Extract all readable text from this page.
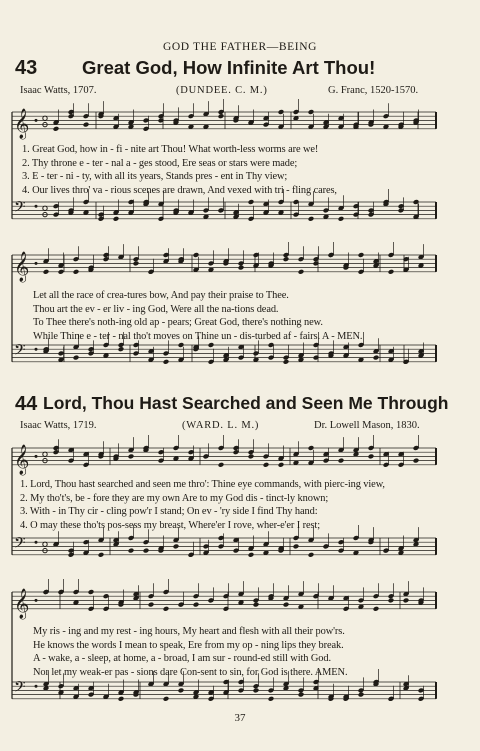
GOD THE FATHER—BEING
43 Great God, How Infinite Art Thou!
Isaac Watts, 1707.	(DUNDEE. C. M.)	G. Franc, 1520-1570.
1. Great God, how in - fi - nite art Thou! What worth-less worms are we!
2. Thy throne e - ter - nal a - ges stood, Ere seas or stars were made;
3. E - ter - ni - ty, with all its years, Stands pres - ent in Thy view;
4. Our lives thro' va - rious scenes are drawn, And vexed with tri - fling cares,
Let all the race of crea-tures bow, And pay their praise to Thee.
Thou art the ev - er liv - ing God, Were all the na-tions dead.
To Thee there's noth-ing old ap - pears; Great God, there's nothing new.
While Thine e - ter - nal tho't moves on Thine un - dis-turbed af - fairs. A - MEN.
44 Lord, Thou Hast Searched and Seen Me Through
Isaac Watts, 1719.	(WARD. L. M.)	Dr. Lowell Mason, 1830.
1. Lord, Thou hast searched and seen me thro': Thine eye commands, with pierc-ing view,
2. My tho't's, be - fore they are my own Are to my God dis - tinct-ly known;
3. With - in Thy cir - cling pow'r I stand; On ev - 'ry side I find Thy hand:
4. O may these tho'ts pos-sess my breast, Where'er I rove, wher-e'er I rest;
My ris - ing and my rest - ing hours, My heart and flesh with all their pow'rs.
He knows the words I mean to speak, Ere from my op - ning lips they break.
A - wake, a - sleep, at home, a - broad, I am sur - round-ed still with God.
Nor let my weak-er pas - sions dare Con-sent to sin, for God is there. AMEN.
𝄞
𝄢
𝄞
𝄢
𝄞
𝄢
𝄞
𝄢
37
